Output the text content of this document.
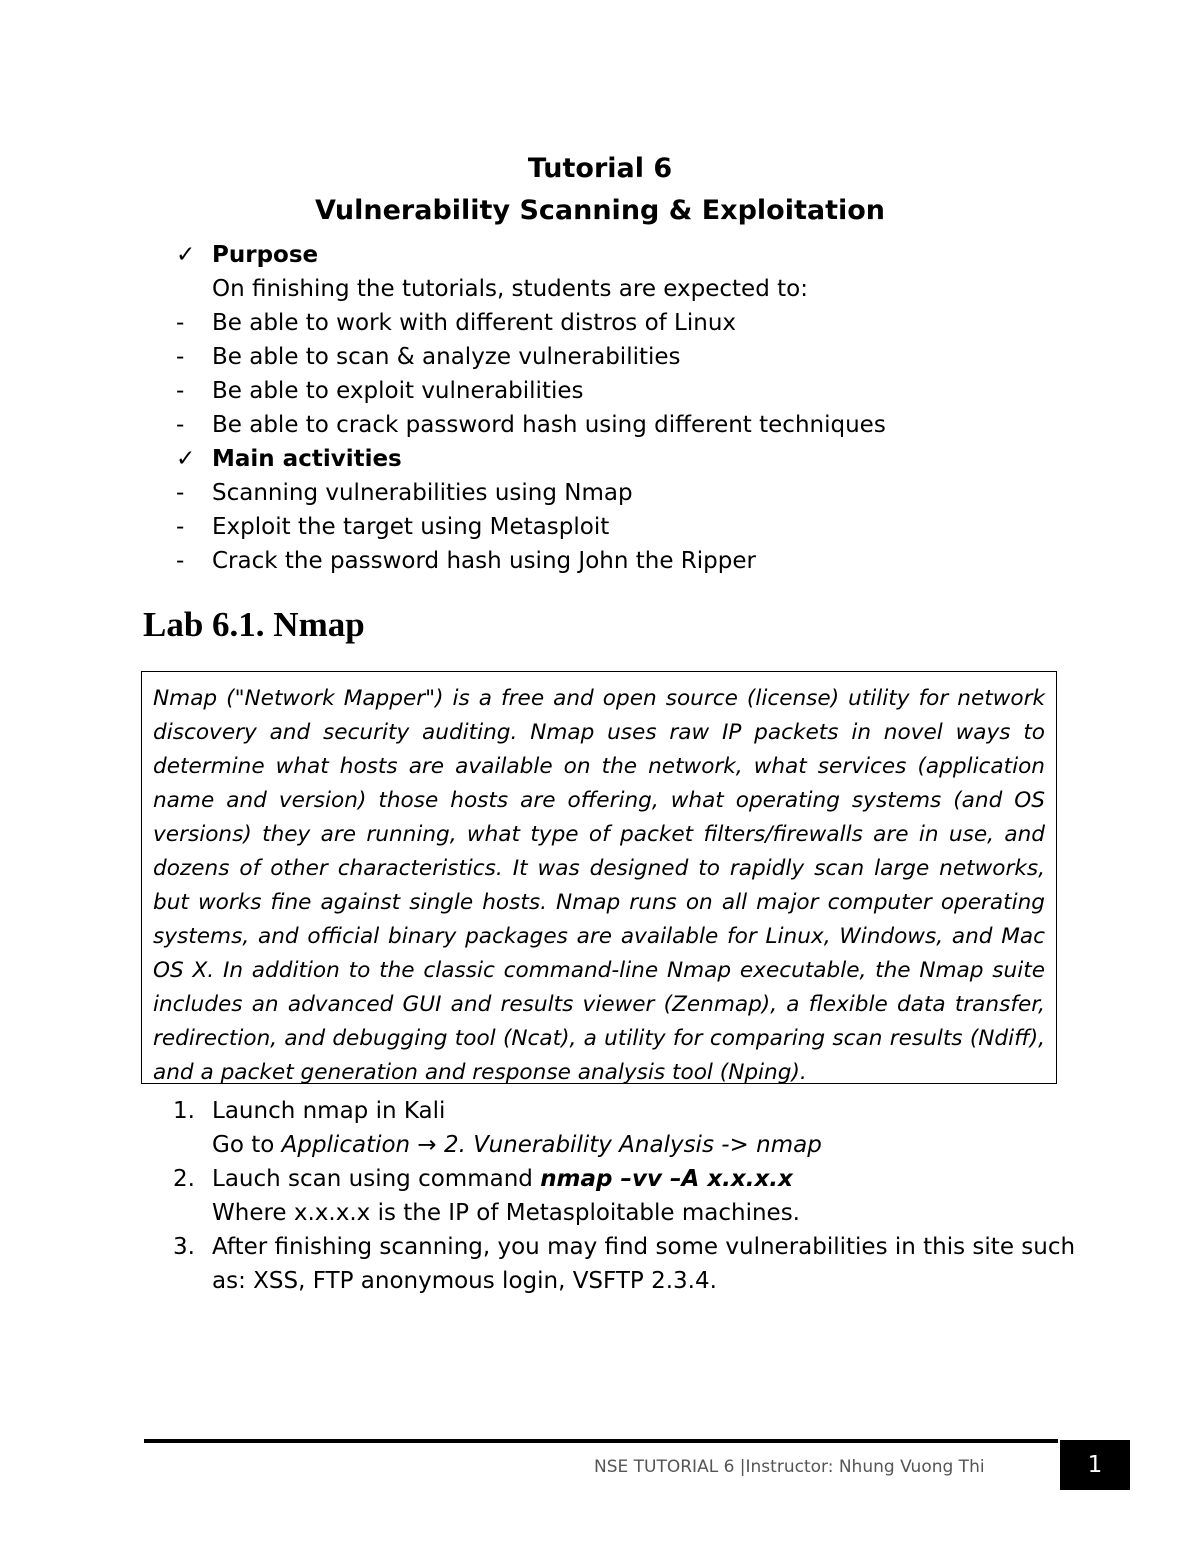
Tutorial 6
Vulnerability Scanning & Exploitation
✓ Purpose
On finishing the tutorials, students are expected to:
- Be able to work with different distros of Linux
- Be able to scan & analyze vulnerabilities
- Be able to exploit vulnerabilities
- Be able to crack password hash using different techniques
✓ Main activities
- Scanning vulnerabilities using Nmap
- Exploit the target using Metasploit
- Crack the password hash using John the Ripper
Lab 6.1. Nmap

Nmap ("Network Mapper") is a free and open source (license) utility for network discovery and security auditing. Nmap uses raw IP packets in novel ways to determine what hosts are available on the network, what services (application name and version) those hosts are offering, what operating systems (and OS versions) they are running, what type of packet filters/firewalls are in use, and dozens of other characteristics. It was designed to rapidly scan large networks, but works fine against single hosts. Nmap runs on all major computer operating systems, and official binary packages are available for Linux, Windows, and Mac OS X. In addition to the classic command-line Nmap executable, the Nmap suite includes an advanced GUI and results viewer (Zenmap), a flexible data transfer, redirection, and debugging tool (Ncat), a utility for comparing scan results (Ndiff), and a packet generation and response analysis tool (Nping).

1. Launch nmap in Kali
Go to Application → 2. Vunerability Analysis -> nmap
2. Lauch scan using command nmap –vv –A x.x.x.x
Where x.x.x.x is the IP of Metasploitable machines.
3. After finishing scanning, you may find some vulnerabilities in this site such
as: XSS, FTP anonymous login, VSFTP 2.3.4.
NSE TUTORIAL 6 |Instructor: Nhung Vuong Thi	1
